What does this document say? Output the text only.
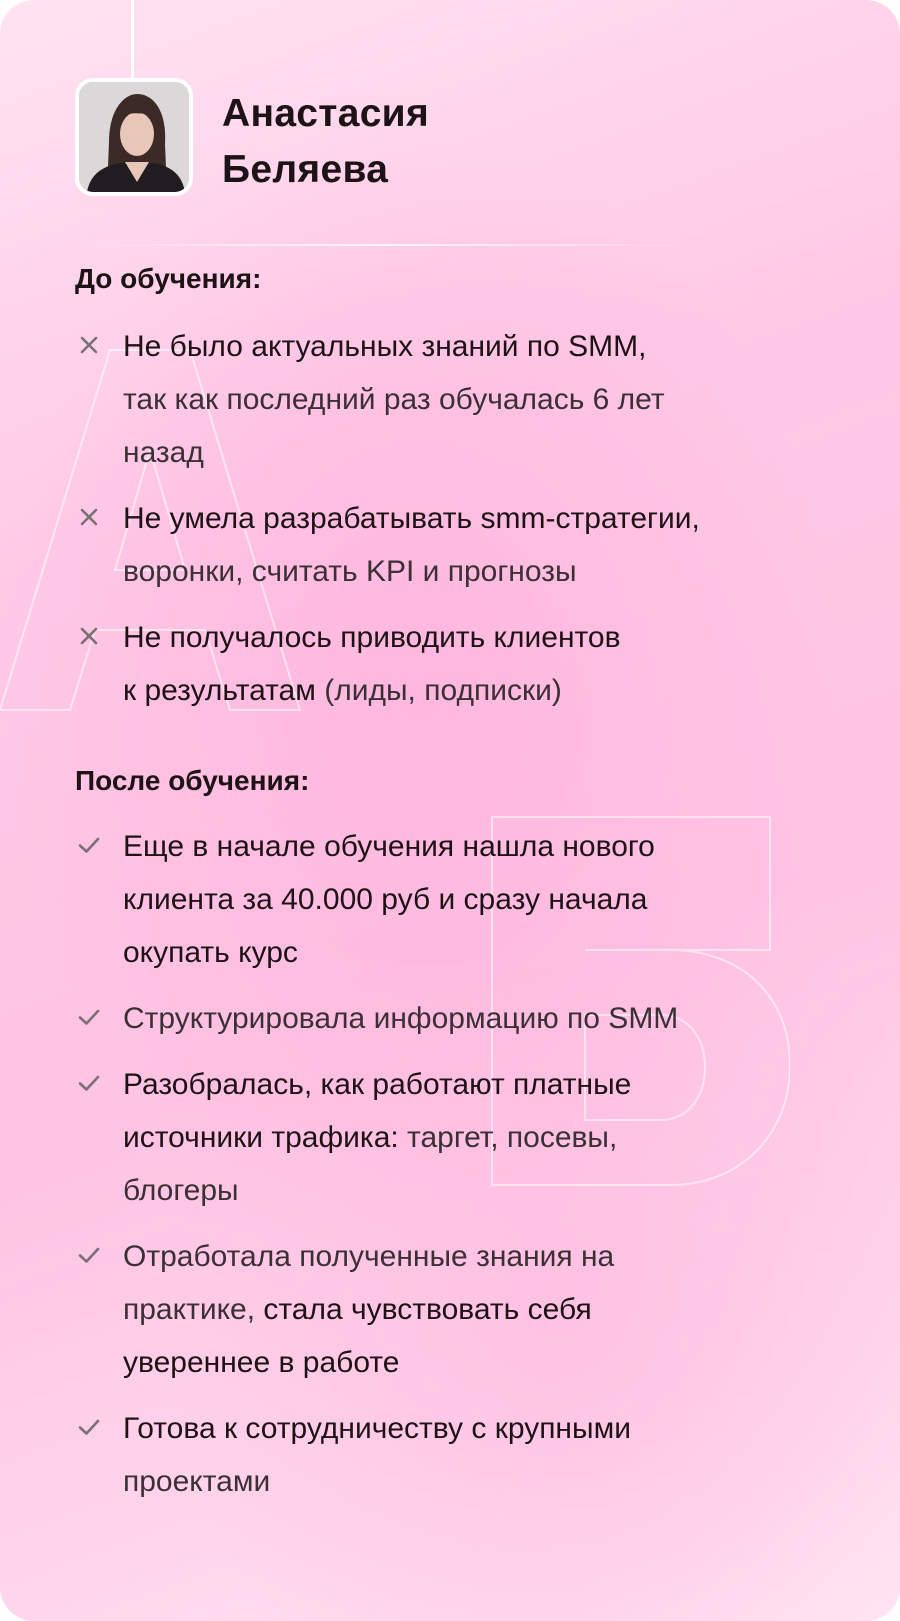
Анастасия
Беляева
До обучения:
Не было актуальных знаний по SMM,
так как последний раз обучалась 6 лет
назад
Не умела разрабатывать smm-стратегии,
воронки, считать KPI и прогнозы
Не получалось приводить клиентов
к результатам (лиды, подписки)
После обучения:
Еще в начале обучения нашла нового
клиента за 40.000 руб и сразу начала
окупать курс
Структурировала информацию по SMM
Разобралась, как работают платные
источники трафика: таргет, посевы,
блогеры
Отработала полученные знания на
практике, стала чувствовать себя
увереннее в работе
Готова к сотрудничеству с крупными
проектами
